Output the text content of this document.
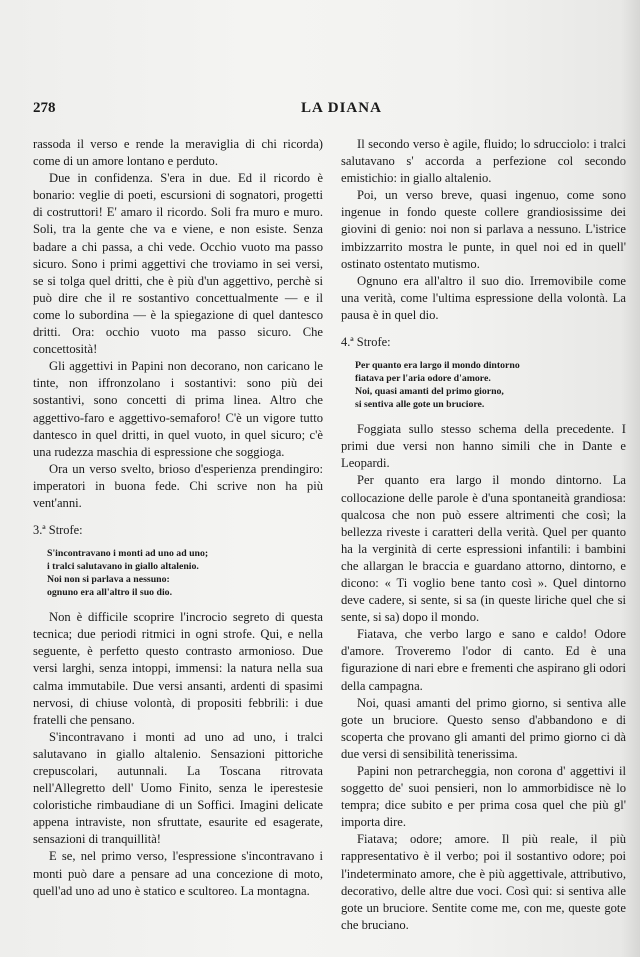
278	LA DIANA

rassoda il verso e rende la meraviglia di chi ricorda) come di un amore lontano e perduto.

Due in confidenza. S'era in due. Ed il ricordo è bonario: veglie di poeti, escursioni di sognatori, progetti di costruttori! E' amaro il ricordo. Soli fra muro e muro. Soli, tra la gente che va e viene, e non esiste. Senza badare a chi passa, a chi vede. Occhio vuoto ma passo sicuro. Sono i primi aggettivi che troviamo in sei versi, se si tolga quel dritti, che è più d'un aggettivo, perchè si può dire che il re sostantivo concettualmente — e il come lo subordina — è la spiegazione di quel dantesco dritti. Ora: occhio vuoto ma passo sicuro. Che concettosità!

Gli aggettivi in Papini non decorano, non caricano le tinte, non iffronzolano i sostantivi: sono più dei sostantivi, sono concetti di prima linea. Altro che aggettivo-faro e aggettivo-semaforo! C'è un vigore tutto dantesco in quel dritti, in quel vuoto, in quel sicuro; c'è una rudezza maschia di espressione che soggioga.

Ora un verso svelto, brioso d'esperienza prendingiro: imperatori in buona fede. Chi scrive non ha più vent'anni.

3.ª Strofe:

S'incontravano i monti ad uno ad uno;
i tralci salutavano in giallo altalenio.
Noi non si parlava a nessuno:
ognuno era all'altro il suo dio.

Non è difficile scoprire l'incrocio segreto di questa tecnica; due periodi ritmici in ogni strofe. Qui, e nella seguente, è perfetto questo contrasto armonioso. Due versi larghi, senza intoppi, immensi: la natura nella sua calma immutabile. Due versi ansanti, ardenti di spasimi nervosi, di chiuse volontà, di propositi febbrili: i due fratelli che pensano.

S'incontravano i monti ad uno ad uno, i tralci salutavano in giallo altalenio. Sensazioni pittoriche crepuscolari, autunnali. La Toscana ritrovata nell'Allegretto dell' Uomo Finito, senza le iperestesie coloristiche rimbaudiane di un Soffici. Imagini delicate appena intraviste, non sfruttate, esaurite ed esagerate, sensazioni di tranquillità!

E se, nel primo verso, l'espressione s'incontravano i monti può dare a pensare ad una concezione di moto, quell'ad uno ad uno è statico e scultoreo. La montagna.

Il secondo verso è agile, fluido; lo sdrucciolo: i tralci salutavano s' accorda a perfezione col secondo emistichio: in giallo altalenio.

Poi, un verso breve, quasi ingenuo, come sono ingenue in fondo queste collere grandiosissime dei giovini di genio: noi non si parlava a nessuno. L'istrice imbizzarrito mostra le punte, in quel noi ed in quell' ostinato ostentato mutismo.

Ognuno era all'altro il suo dio. Irremovibile come una verità, come l'ultima espressione della volontà. La pausa è in quel dio.

4.ª Strofe:

Per quanto era largo il mondo dintorno
fiatava per l'aria odore d'amore.
Noi, quasi amanti del primo giorno,
si sentiva alle gote un bruciore.

Foggiata sullo stesso schema della precedente. I primi due versi non hanno simili che in Dante e Leopardi.

Per quanto era largo il mondo dintorno. La collocazione delle parole è d'una spontaneità grandiosa: qualcosa che non può essere altrimenti che così; la bellezza riveste i caratteri della verità. Quel per quanto ha la verginità di certe espressioni infantili: i bambini che allargan le braccia e guardano attorno, dintorno, e dicono: « Ti voglio bene tanto così ». Quel dintorno deve cadere, si sente, si sa (in queste liriche quel che si sente, si sa) dopo il mondo.

Fiatava, che verbo largo e sano e caldo! Odore d'amore. Troveremo l'odor di canto. Ed è una figurazione di nari ebre e frementi che aspirano gli odori della campagna.

Noi, quasi amanti del primo giorno, si sentiva alle gote un bruciore. Questo senso d'abbandono e di scoperta che provano gli amanti del primo giorno ci dà due versi di sensibilità tenerissima.

Papini non petrarcheggia, non corona d' aggettivi il soggetto de' suoi pensieri, non lo ammorbidisce nè lo tempra; dice subito e per prima cosa quel che più gl' importa dire.

Fiatava; odore; amore. Il più reale, il più rappresentativo è il verbo; poi il sostantivo odore; poi l'indeterminato amore, che è più aggettivale, attributivo, decorativo, delle altre due voci. Così qui: si sentiva alle gote un bruciore. Sentite come me, con me, queste gote che bruciano.
